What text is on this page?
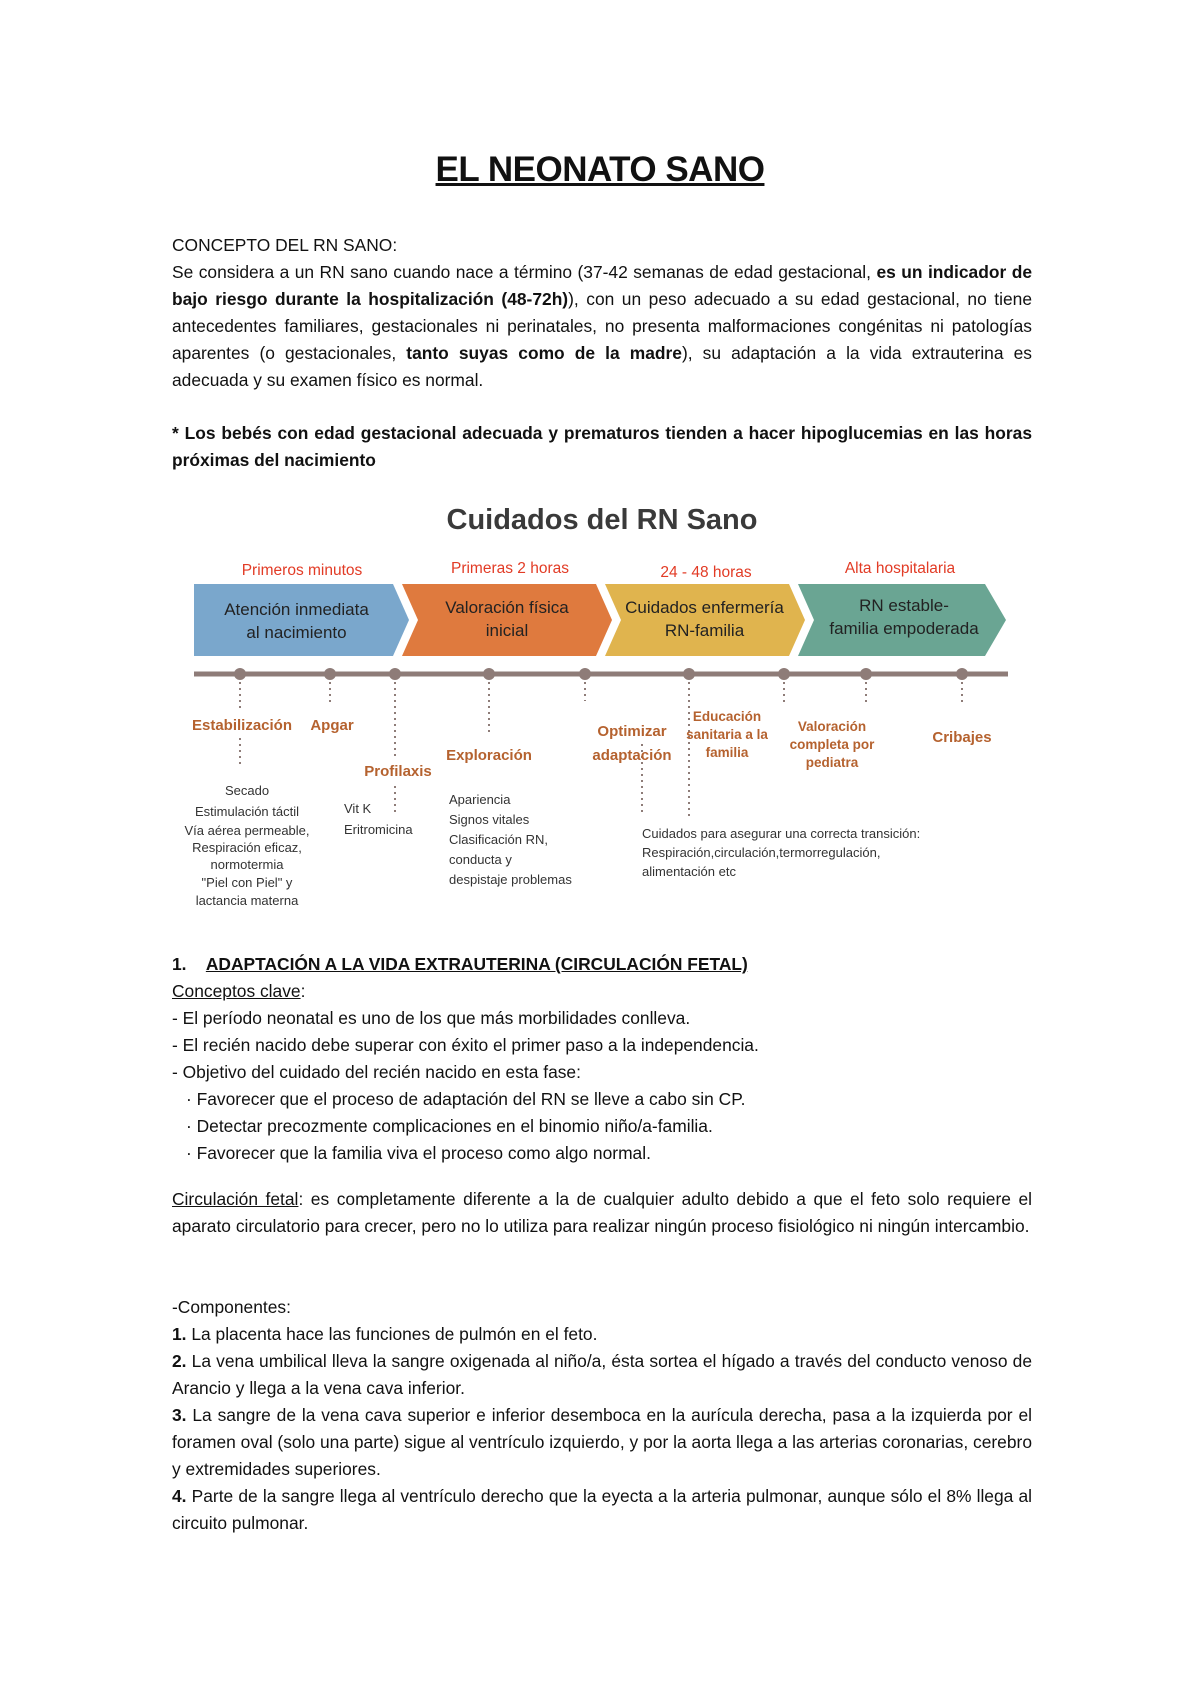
EL NEONATO SANO

CONCEPTO DEL RN SANO:

Se considera a un RN sano cuando nace a término (37-42 semanas de edad gestacional, es un indicador de bajo riesgo durante la hospitalización (48-72h)), con un peso adecuado a su edad gestacional, no tiene antecedentes familiares, gestacionales ni perinatales, no presenta malformaciones congénitas ni patologías aparentes (o gestacionales, tanto suyas como de la madre), su adaptación a la vida extrauterina es adecuada y su examen físico es normal.

* Los bebés con edad gestacional adecuada y prematuros tienden a hacer hipoglucemias en las horas próximas del nacimiento
Cuidados del RN Sano
Primeros minutos	Primeras 2 horas	24 - 48 horas	Alta hospitalaria
Atención inmediata
al nacimiento
Valoración física
inicial
Cuidados enfermería
RN-familia
RN estable-
familia empoderada
Estabilización	Apgar
Profilaxis
Exploración
Optimizar
adaptación
Educación
sanitaria a la
familia
Valoración
completa por
pediatra
Cribajes
Secado
Estimulación táctil
Vía aérea permeable,
Respiración eficaz,
normotermia
"Piel con Piel" y
lactancia materna
Vit K
Eritromicina
Apariencia
Signos vitales
Clasificación RN,
conducta y
despistaje problemas
Cuidados para asegurar una correcta transición:
Respiración,circulación,termorregulación,
alimentación etc

1. ADAPTACIÓN A LA VIDA EXTRAUTERINA (CIRCULACIÓN FETAL)

Conceptos clave:

- El período neonatal es uno de los que más morbilidades conlleva.

- El recién nacido debe superar con éxito el primer paso a la independencia.

- Objetivo del cuidado del recién nacido en esta fase:

· Favorecer que el proceso de adaptación del RN se lleve a cabo sin CP.

· Detectar precozmente complicaciones en el binomio niño/a-familia.

· Favorecer que la familia viva el proceso como algo normal.

Circulación fetal: es completamente diferente a la de cualquier adulto debido a que el feto solo requiere el aparato circulatorio para crecer, pero no lo utiliza para realizar ningún proceso fisiológico ni ningún intercambio.

-Componentes:

1. La placenta hace las funciones de pulmón en el feto.

2. La vena umbilical lleva la sangre oxigenada al niño/a, ésta sortea el hígado a través del conducto venoso de Arancio y llega a la vena cava inferior.

3. La sangre de la vena cava superior e inferior desemboca en la aurícula derecha, pasa a la izquierda por el foramen oval (solo una parte) sigue al ventrículo izquierdo, y por la aorta llega a las arterias coronarias, cerebro y extremidades superiores.

4. Parte de la sangre llega al ventrículo derecho que la eyecta a la arteria pulmonar, aunque sólo el 8% llega al circuito pulmonar.
